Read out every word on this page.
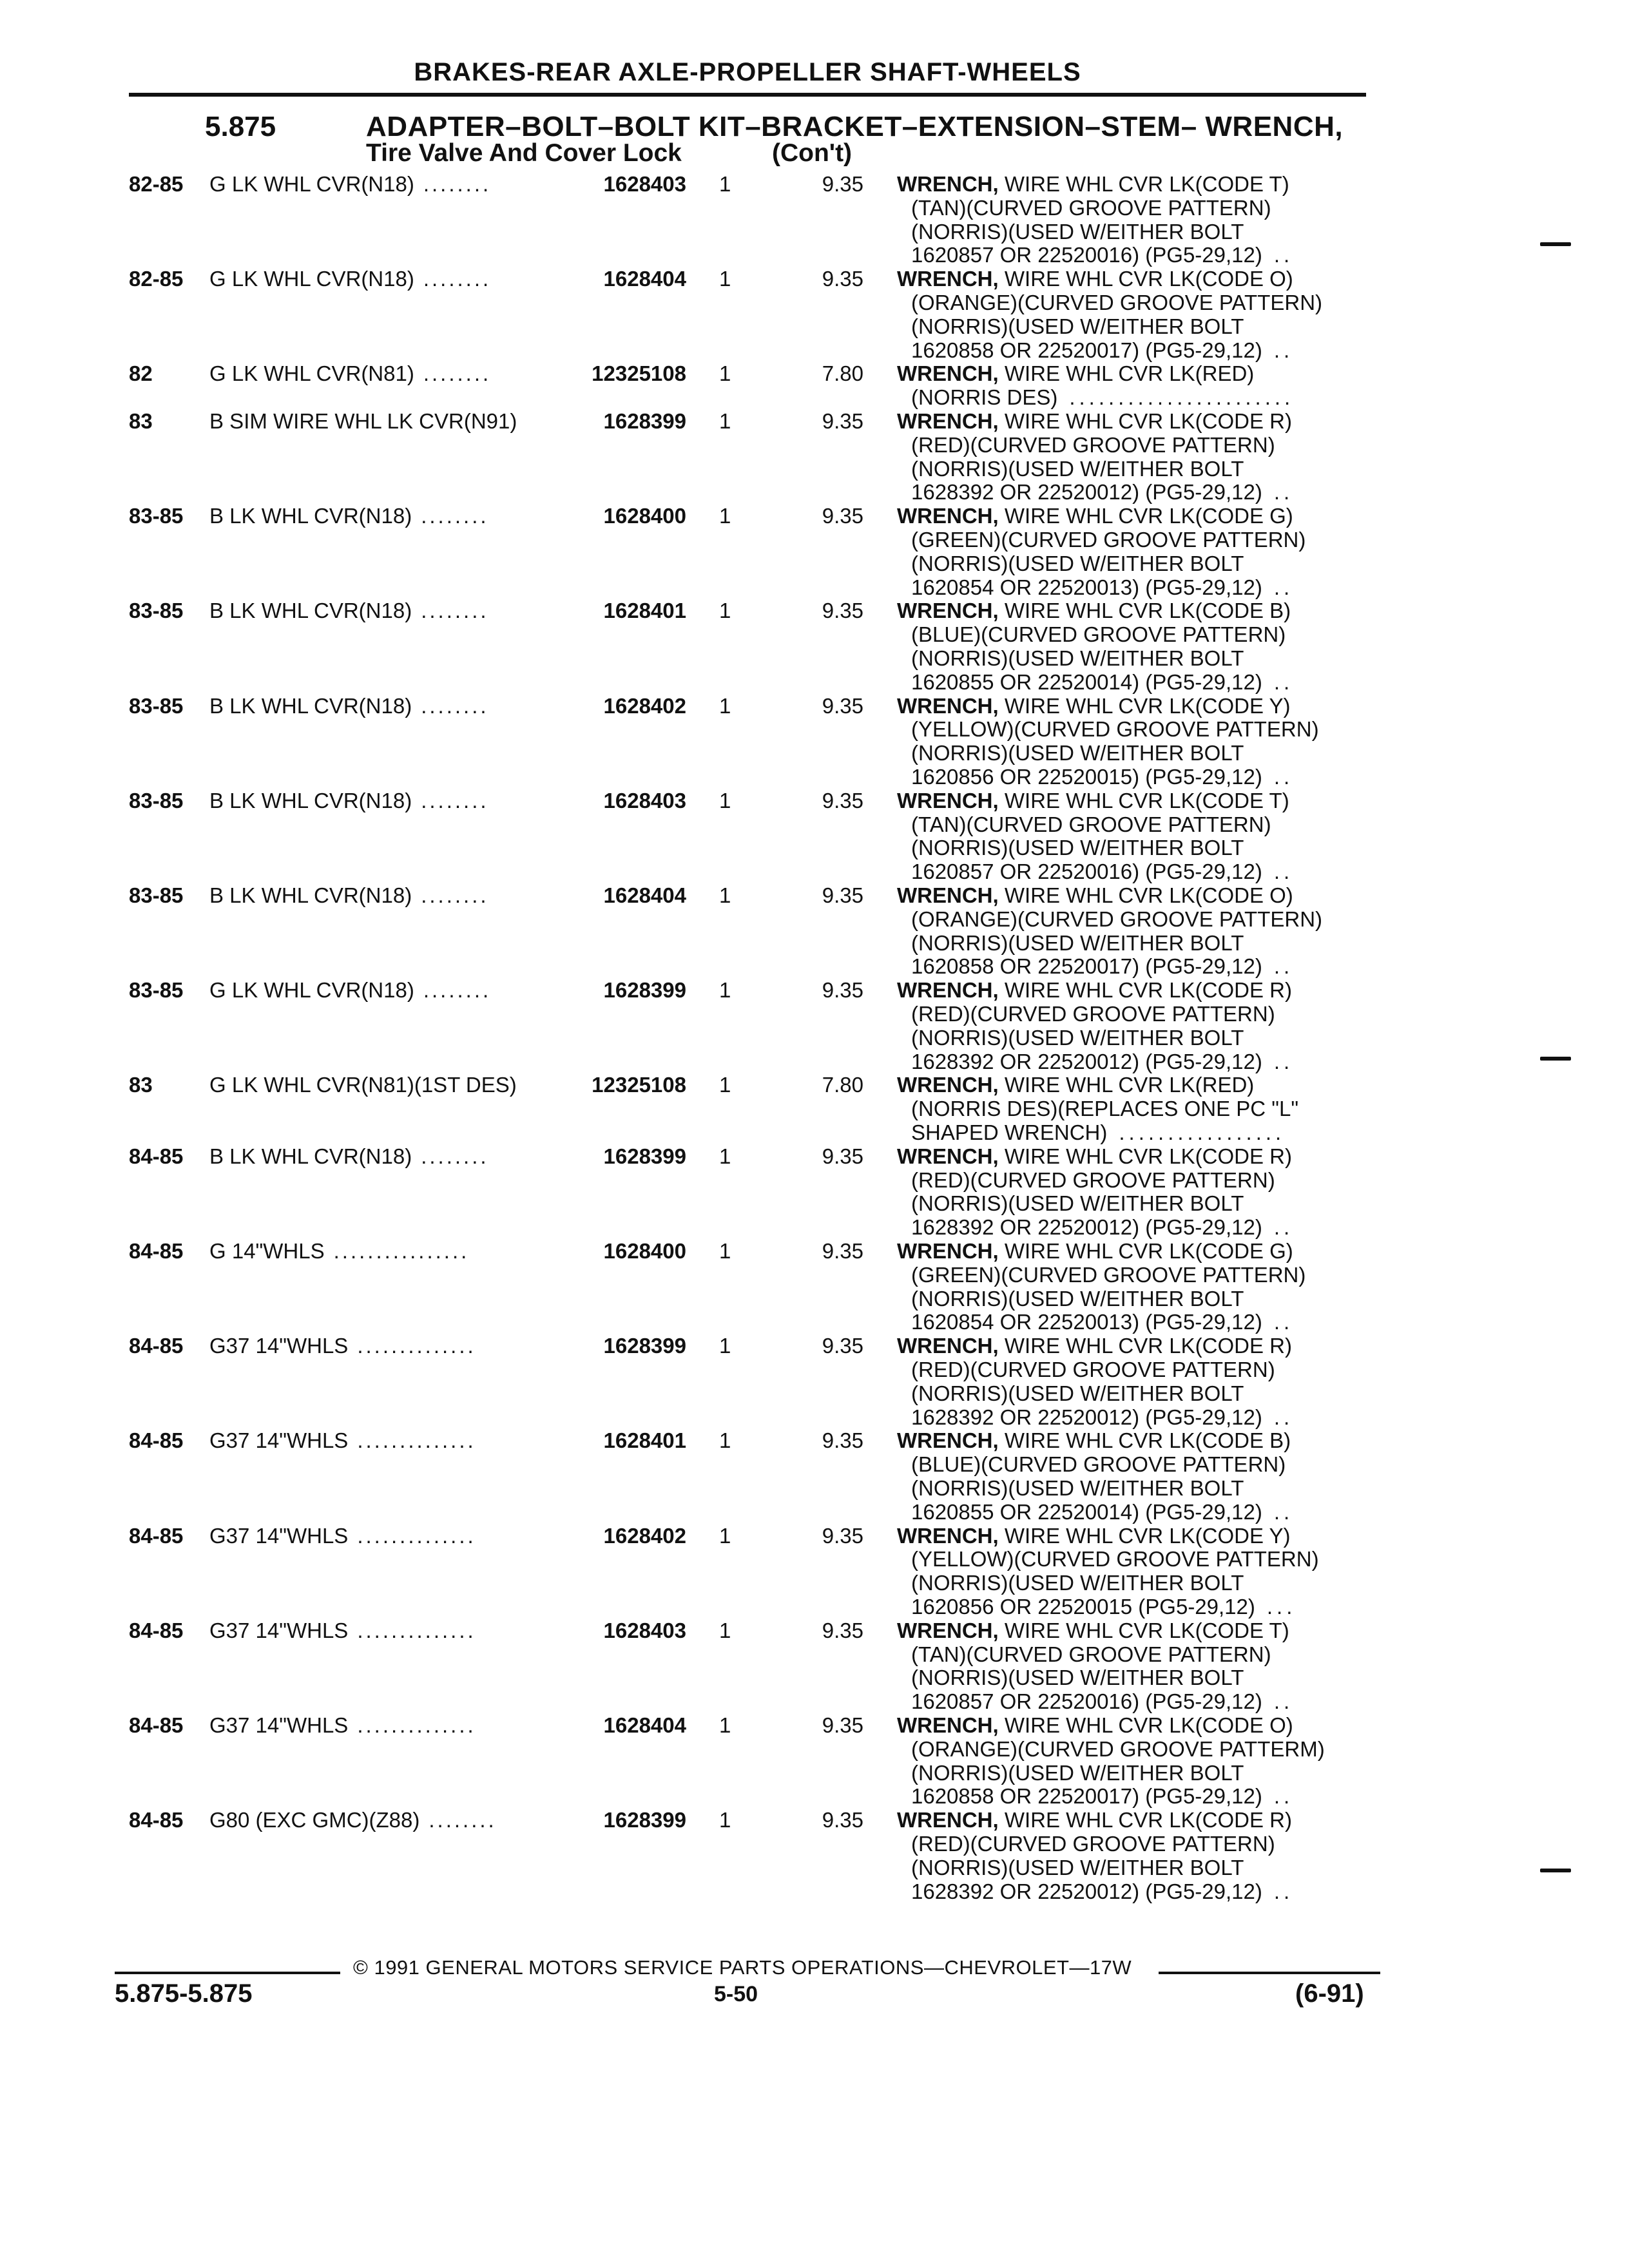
BRAKES-REAR AXLE-PROPELLER SHAFT-WHEELS
5.875	ADAPTER–BOLT–BOLT KIT–BRACKET–EXTENSION–STEM– WRENCH,
Tire Valve And Cover Lock	(Con't)
82-85 G LK WHL CVR(N18) ........	1628403 1	9.35 WRENCH, WIRE WHL CVR LK(CODE T)
(TAN)(CURVED GROOVE PATTERN)
(NORRIS)(USED W/EITHER BOLT
1620857 OR 22520016) (PG5-29,12) ..
82-85 G LK WHL CVR(N18) ........	1628404 1	9.35 WRENCH, WIRE WHL CVR LK(CODE O)
(ORANGE)(CURVED GROOVE PATTERN)
(NORRIS)(USED W/EITHER BOLT
1620858 OR 22520017) (PG5-29,12) ..
82	G LK WHL CVR(N81) ........	12325108 1	7.80 WRENCH, WIRE WHL CVR LK(RED)
(NORRIS DES) .......................
83	B SIM WIRE WHL LK CVR(N91)	1628399 1	9.35 WRENCH, WIRE WHL CVR LK(CODE R)
(RED)(CURVED GROOVE PATTERN)
(NORRIS)(USED W/EITHER BOLT
1628392 OR 22520012) (PG5-29,12) ..
83-85 B LK WHL CVR(N18) ........	1628400 1	9.35 WRENCH, WIRE WHL CVR LK(CODE G)
(GREEN)(CURVED GROOVE PATTERN)
(NORRIS)(USED W/EITHER BOLT
1620854 OR 22520013) (PG5-29,12) ..
83-85 B LK WHL CVR(N18) ........	1628401 1	9.35 WRENCH, WIRE WHL CVR LK(CODE B)
(BLUE)(CURVED GROOVE PATTERN)
(NORRIS)(USED W/EITHER BOLT
1620855 OR 22520014) (PG5-29,12) ..
83-85 B LK WHL CVR(N18) ........	1628402 1	9.35 WRENCH, WIRE WHL CVR LK(CODE Y)
(YELLOW)(CURVED GROOVE PATTERN)
(NORRIS)(USED W/EITHER BOLT
1620856 OR 22520015) (PG5-29,12) ..
83-85 B LK WHL CVR(N18) ........	1628403 1	9.35 WRENCH, WIRE WHL CVR LK(CODE T)
(TAN)(CURVED GROOVE PATTERN)
(NORRIS)(USED W/EITHER BOLT
1620857 OR 22520016) (PG5-29,12) ..
83-85 B LK WHL CVR(N18) ........	1628404 1	9.35 WRENCH, WIRE WHL CVR LK(CODE O)
(ORANGE)(CURVED GROOVE PATTERN)
(NORRIS)(USED W/EITHER BOLT
1620858 OR 22520017) (PG5-29,12) ..
83-85 G LK WHL CVR(N18) ........	1628399 1	9.35 WRENCH, WIRE WHL CVR LK(CODE R)
(RED)(CURVED GROOVE PATTERN)
(NORRIS)(USED W/EITHER BOLT
1628392 OR 22520012) (PG5-29,12) ..
83	G LK WHL CVR(N81)(1ST DES)	12325108 1	7.80 WRENCH, WIRE WHL CVR LK(RED)
(NORRIS DES)(REPLACES ONE PC "L"
SHAPED WRENCH) .................
84-85 B LK WHL CVR(N18) ........	1628399 1	9.35 WRENCH, WIRE WHL CVR LK(CODE R)
(RED)(CURVED GROOVE PATTERN)
(NORRIS)(USED W/EITHER BOLT
1628392 OR 22520012) (PG5-29,12) ..
84-85 G 14"WHLS ................	1628400 1	9.35 WRENCH, WIRE WHL CVR LK(CODE G)
(GREEN)(CURVED GROOVE PATTERN)
(NORRIS)(USED W/EITHER BOLT
1620854 OR 22520013) (PG5-29,12) ..
84-85 G37 14"WHLS ..............	1628399 1	9.35 WRENCH, WIRE WHL CVR LK(CODE R)
(RED)(CURVED GROOVE PATTERN)
(NORRIS)(USED W/EITHER BOLT
1628392 OR 22520012) (PG5-29,12) ..
84-85 G37 14"WHLS ..............	1628401 1	9.35 WRENCH, WIRE WHL CVR LK(CODE B)
(BLUE)(CURVED GROOVE PATTERN)
(NORRIS)(USED W/EITHER BOLT
1620855 OR 22520014) (PG5-29,12) ..
84-85 G37 14"WHLS ..............	1628402 1	9.35 WRENCH, WIRE WHL CVR LK(CODE Y)
(YELLOW)(CURVED GROOVE PATTERN)
(NORRIS)(USED W/EITHER BOLT
1620856 OR 22520015 (PG5-29,12) ...
84-85 G37 14"WHLS ..............	1628403 1	9.35 WRENCH, WIRE WHL CVR LK(CODE T)
(TAN)(CURVED GROOVE PATTERN)
(NORRIS)(USED W/EITHER BOLT
1620857 OR 22520016) (PG5-29,12) ..
84-85 G37 14"WHLS ..............	1628404 1	9.35 WRENCH, WIRE WHL CVR LK(CODE O)
(ORANGE)(CURVED GROOVE PATTERM)
(NORRIS)(USED W/EITHER BOLT
1620858 OR 22520017) (PG5-29,12) ..
84-85 G80 (EXC GMC)(Z88) ........	1628399 1	9.35 WRENCH, WIRE WHL CVR LK(CODE R)
(RED)(CURVED GROOVE PATTERN)
(NORRIS)(USED W/EITHER BOLT
1628392 OR 22520012) (PG5-29,12) ..
© 1991 GENERAL MOTORS SERVICE PARTS OPERATIONS—CHEVROLET—17W
5.875-5.875	5-50	(6-91)
